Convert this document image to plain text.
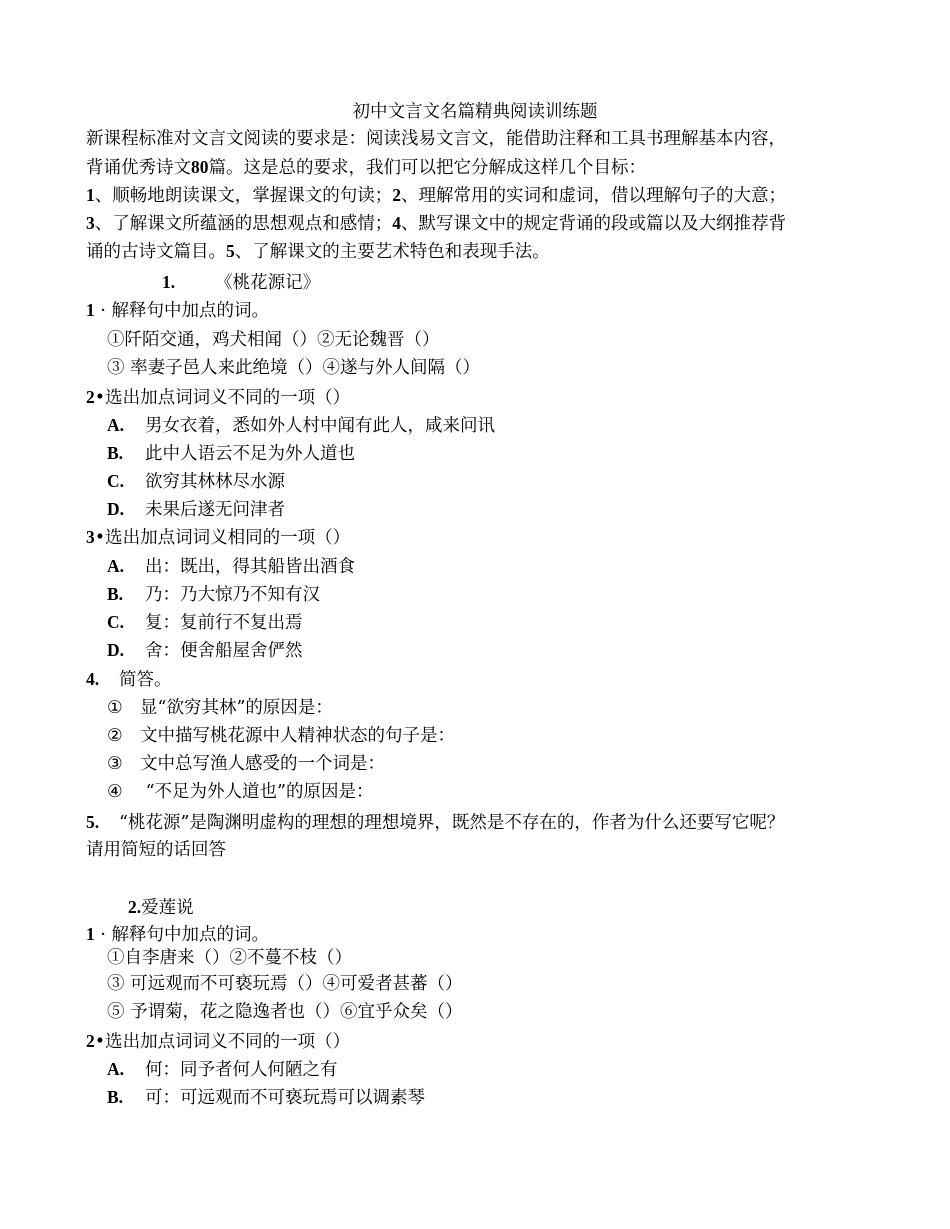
初中文言文名篇精典阅读训练题
新课程标准对文言文阅读的要求是：阅读浅易文言文，能借助注释和工具书理解基本内容，
背诵优秀诗文80篇。这是总的要求，我们可以把它分解成这样几个目标：
1、顺畅地朗读课文，掌握课文的句读；2、理解常用的实词和虚词，借以理解句子的大意；
3、了解课文所蕴涵的思想观点和感情；4、默写课文中的规定背诵的段或篇以及大纲推荐背
诵的古诗文篇目。5、了解课文的主要艺术特色和表现手法。
1. 《桃花源记》
1 · 解释句中加点的词。
①阡陌交通，鸡犬相闻（）②无论魏晋（）
③ 率妻子邑人来此绝境（）④遂与外人间隔（）
2•选出加点词词义不同的一项（）
A. 男女衣着，悉如外人村中闻有此人，咸来问讯
B. 此中人语云不足为外人道也
C. 欲穷其林林尽水源
D. 未果后遂无问津者
3•选出加点词词义相同的一项（）
A. 出：既出，得其船皆出酒食
B. 乃：乃大惊乃不知有汉
C. 复：复前行不复出焉
D. 舍：便舍船屋舍俨然
4. 简答。
① 显“欲穷其林”的原因是：
② 文中描写桃花源中人精神状态的句子是：
③ 文中总写渔人感受的一个词是：
④ “不足为外人道也”的原因是：
5. “桃花源”是陶渊明虚构的理想的理想境界，既然是不存在的，作者为什么还要写它呢？
请用简短的话回答
2.爱莲说
1 · 解释句中加点的词。
①自李唐来（）②不蔓不枝（）
③ 可远观而不可亵玩焉（）④可爱者甚蕃（）
⑤ 予谓菊，花之隐逸者也（）⑥宜乎众矣（）
2•选出加点词词义不同的一项（）
A. 何：同予者何人何陋之有
B. 可：可远观而不可亵玩焉可以调素琴
